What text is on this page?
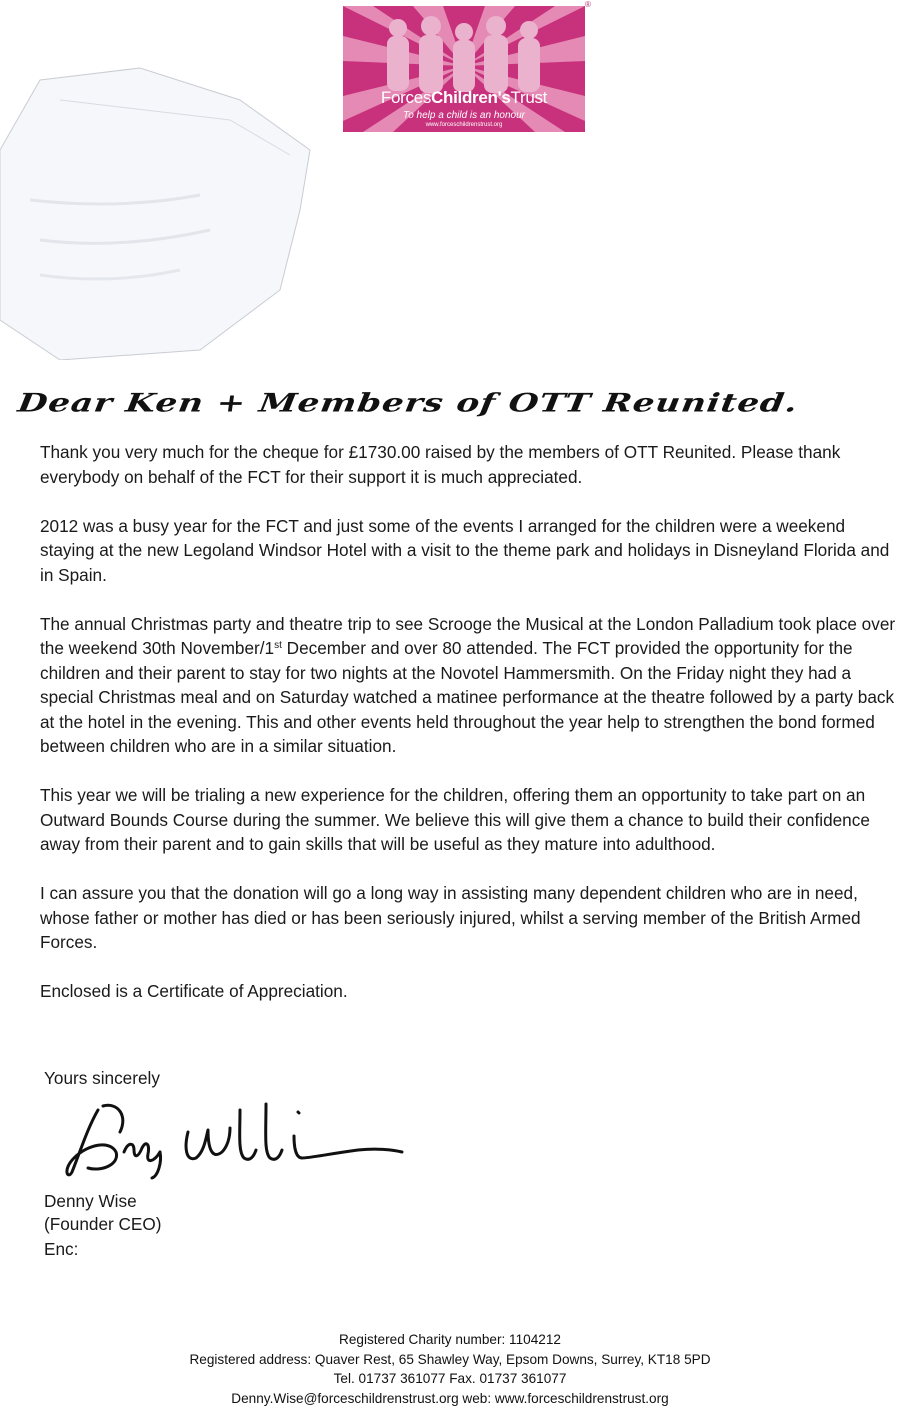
ForcesChildren'sTrust
To help a child is an honour
www.forceschildrenstrust.org
®
Dear Ken + Members of OTT Reunited.

Thank you very much for the cheque for £1730.00 raised by the members of OTT Reunited. Please thank everybody on behalf of the FCT for their support it is much appreciated.

2012 was a busy year for the FCT and just some of the events I arranged for the children were a weekend staying at the new Legoland Windsor Hotel with a visit to the theme park and holidays in Disneyland Florida and in Spain.

The annual Christmas party and theatre trip to see Scrooge the Musical at the London Palladium took place over the weekend 30th November/1st December and over 80 attended. The FCT provided the opportunity for the children and their parent to stay for two nights at the Novotel Hammersmith. On the Friday night they had a special Christmas meal and on Saturday watched a matinee performance at the theatre followed by a party back at the hotel in the evening. This and other events held throughout the year help to strengthen the bond formed between children who are in a similar situation.

This year we will be trialing a new experience for the children, offering them an opportunity to take part on an Outward Bounds Course during the summer. We believe this will give them a chance to build their confidence away from their parent and to gain skills that will be useful as they mature into adulthood.

I can assure you that the donation will go a long way in assisting many dependent children who are in need, whose father or mother has died or has been seriously injured, whilst a serving member of the British Armed Forces.

Enclosed is a Certificate of Appreciation.

Yours sincerely
Denny Wise
(Founder CEO)
Enc:
Registered Charity number: 1104212
Registered address: Quaver Rest, 65 Shawley Way, Epsom Downs, Surrey, KT18 5PD
Tel. 01737 361077 Fax. 01737 361077
Denny.Wise@forceschildrenstrust.org web: www.forceschildrenstrust.org
